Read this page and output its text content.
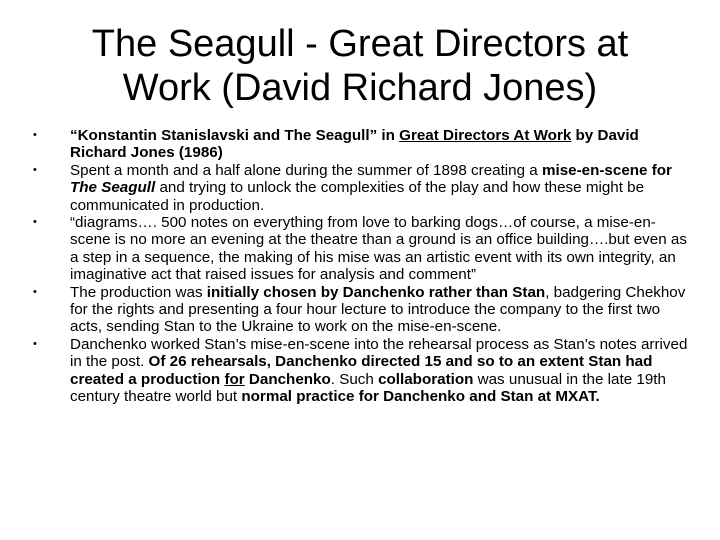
The Seagull - Great Directors at
Work (David Richard Jones)
• “Konstantin Stanislavski and The Seagull” in Great Directors At Work by David Richard Jones (1986)
• Spent a month and a half alone during the summer of 1898 creating a mise-en-scene for The Seagull and trying to unlock the complexities of the play and how these might be communicated in production.
• “diagrams…. 500 notes on everything from love to barking dogs…of course, a mise-en-scene is no more an evening at the theatre than a ground is an office building….but even as a step in a sequence, the making of his mise was an artistic event with its own integrity, an imaginative act that raised issues for analysis and comment”
• The production was initially chosen by Danchenko rather than Stan, badgering Chekhov for the rights and presenting a four hour lecture to introduce the company to the first two acts, sending Stan to the Ukraine to work on the mise-en-scene.
• Danchenko worked Stan’s mise-en-scene into the rehearsal process as Stan’s notes arrived in the post. Of 26 rehearsals, Danchenko directed 15 and so to an extent Stan had created a production for Danchenko. Such collaboration was unusual in the late 19th century theatre world but normal practice for Danchenko and Stan at MXAT.
